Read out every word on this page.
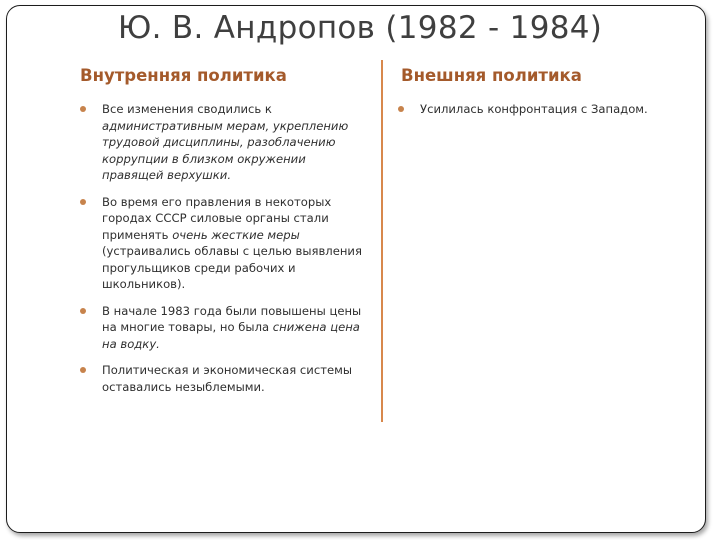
Ю. В. Андропов (1982 - 1984)
Внутренняя политика	Внешняя политика
Все изменения сводились к административным мерам, укреплению трудовой дисциплины, разоблачению коррупции в близком окружении правящей верхушки.
Во время его правления в некоторых городах СССР силовые органы стали применять очень жесткие меры (устраивались облавы с целью выявления прогульщиков среди рабочих и школьников).
В начале 1983 года были повышены цены на многие товары, но была снижена цена на водку.
Политическая и экономическая системы оставались незыблемыми.
Усилилась конфронтация с Западом.
